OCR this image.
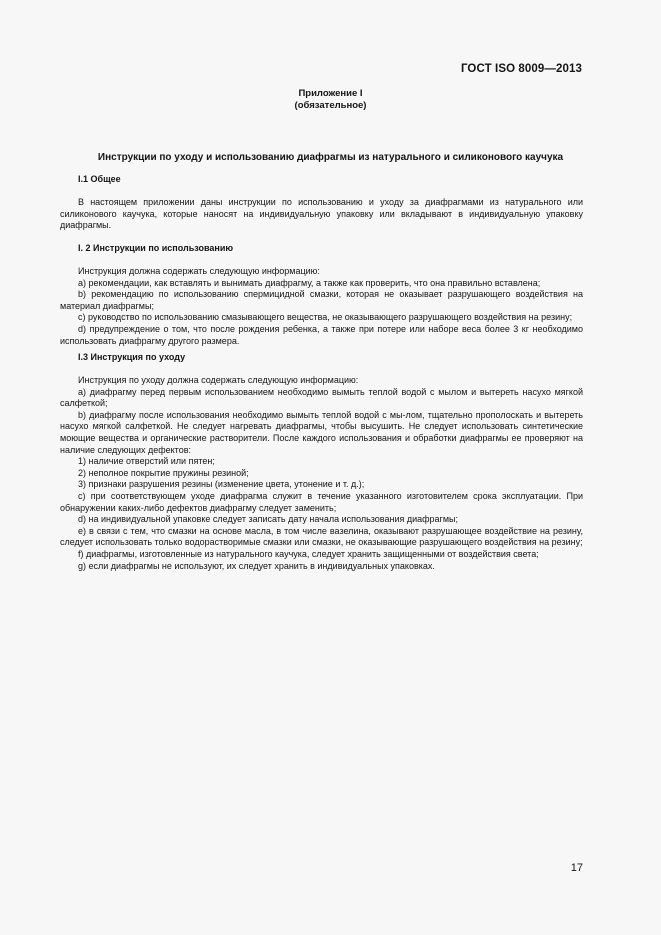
ГОСТ ISO 8009—2013
Приложение I
(обязательное)
Инструкции по уходу и использованию диафрагмы из натурального и силиконового каучука
I.1 Общее

В настоящем приложении даны инструкции по использованию и уходу за диафрагмами из натурального или силиконового каучука, которые наносят на индивидуальную упаковку или вкладывают в индивидуальную упаковку диафрагмы.

I. 2 Инструкции по использованию

Инструкция должна содержать следующую информацию:

а) рекомендации, как вставлять и вынимать диафрагму, а также как проверить, что она правильно вставлена;

b) рекомендацию по использованию спермицидной смазки, которая не оказывает разрушающего воздействия на материал диафрагмы;

c) руководство по использованию смазывающего вещества, не оказывающего разрушающего воздействия на резину;

d) предупреждение о том, что после рождения ребенка, а также при потере или наборе веса более 3 кг необходимо использовать диафрагму другого размера.

I.3 Инструкция по уходу

Инструкция по уходу должна содержать следующую информацию:

а) диафрагму перед первым использованием необходимо вымыть теплой водой с мылом и вытереть насухо мягкой салфеткой;

b) диафрагму после использования необходимо вымыть теплой водой с мы-лом, тщательно прополоскать и вытереть насухо мягкой салфеткой. Не следует нагревать диафрагмы, чтобы высушить. Не следует использовать синтетические моющие вещества и органические растворители. После каждого использования и обработки диафрагмы ее проверяют на наличие следующих дефектов:

1) наличие отверстий или пятен;

2) неполное покрытие пружины резиной;

3) признаки разрушения резины (изменение цвета, утонение и т. д.);

c) при соответствующем уходе диафрагма служит в течение указанного изготовителем срока эксплуатации. При обнаружении каких-либо дефектов диафрагму следует заменить;

d) на индивидуальной упаковке следует записать дату начала использования диафрагмы;

e) в связи с тем, что смазки на основе масла, в том числе вазелина, оказывают разрушающее воздействие на резину, следует использовать только водорастворимые смазки или смазки, не оказывающие разрушающего воздействия на резину;

f) диафрагмы, изготовленные из натурального каучука, следует хранить защищенными от воздействия света;

g) если диафрагмы не используют, их следует хранить в индивидуальных упаковках.

17
